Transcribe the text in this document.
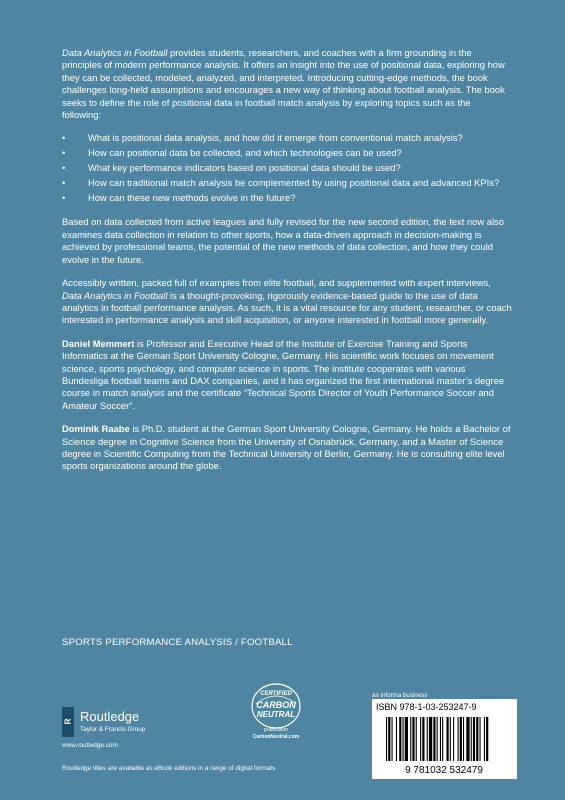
Data Analytics in Football provides students, researchers, and coaches with a firm grounding in the principles of modern performance analysis. It offers an insight into the use of positional data, exploring how they can be collected, modeled, analyzed, and interpreted. Introducing cutting-edge methods, the book challenges long-held assumptions and encourages a new way of thinking about football analysis. The book seeks to define the role of positional data in football match analysis by exploring topics such as the following:

• What is positional data analysis, and how did it emerge from conventional match analysis?
• How can positional data be collected, and which technologies can be used?
• What key performance indicators based on positional data should be used?
• How can traditional match analysis be complemented by using positional data and advanced KPIs?
• How can these new methods evolve in the future?

Based on data collected from active leagues and fully revised for the new second edition, the text now also examines data collection in relation to other sports, how a data-driven approach in decision-making is achieved by professional teams, the potential of the new methods of data collection, and how they could evolve in the future.

Accessibly written, packed full of examples from elite football, and supplemented with expert interviews, Data Analytics in Football is a thought-provoking, rigorously evidence-based guide to the use of data analytics in football performance analysis. As such, it is a vital resource for any student, researcher, or coach interested in performance analysis and skill acquisition, or anyone interested in football more generally.

Daniel Memmert is Professor and Executive Head of the Institute of Exercise Training and Sports Informatics at the German Sport University Cologne, Germany. His scientific work focuses on movement science, sports psychology, and computer science in sports. The institute cooperates with various Bundesliga football teams and DAX companies, and it has organized the first international master’s degree course in match analysis and the certificate “Technical Sports Director of Youth Performance Soccer and Amateur Soccer”.

Dominik Raabe is Ph.D. student at the German Sport University Cologne, Germany. He holds a Bachelor of Science degree in Cognitive Science from the University of Osnabrück, Germany, and a Master of Science degree in Scientific Computing from the Technical University of Berlin, Germany. He is consulting elite level sports organizations around the globe.

SPORTS PERFORMANCE ANALYSIS / FOOTBALL
R Routledge
Taylor & Francis Group
www.routledge.com
Routledge titles are available as eBook editions in a range of digital formats
CERTIFIED
CARBON
NEUTRAL
publication
CarbonNeutral.com
an informa business
ISBN 978-1-03-253247-9
9 781032 532479
